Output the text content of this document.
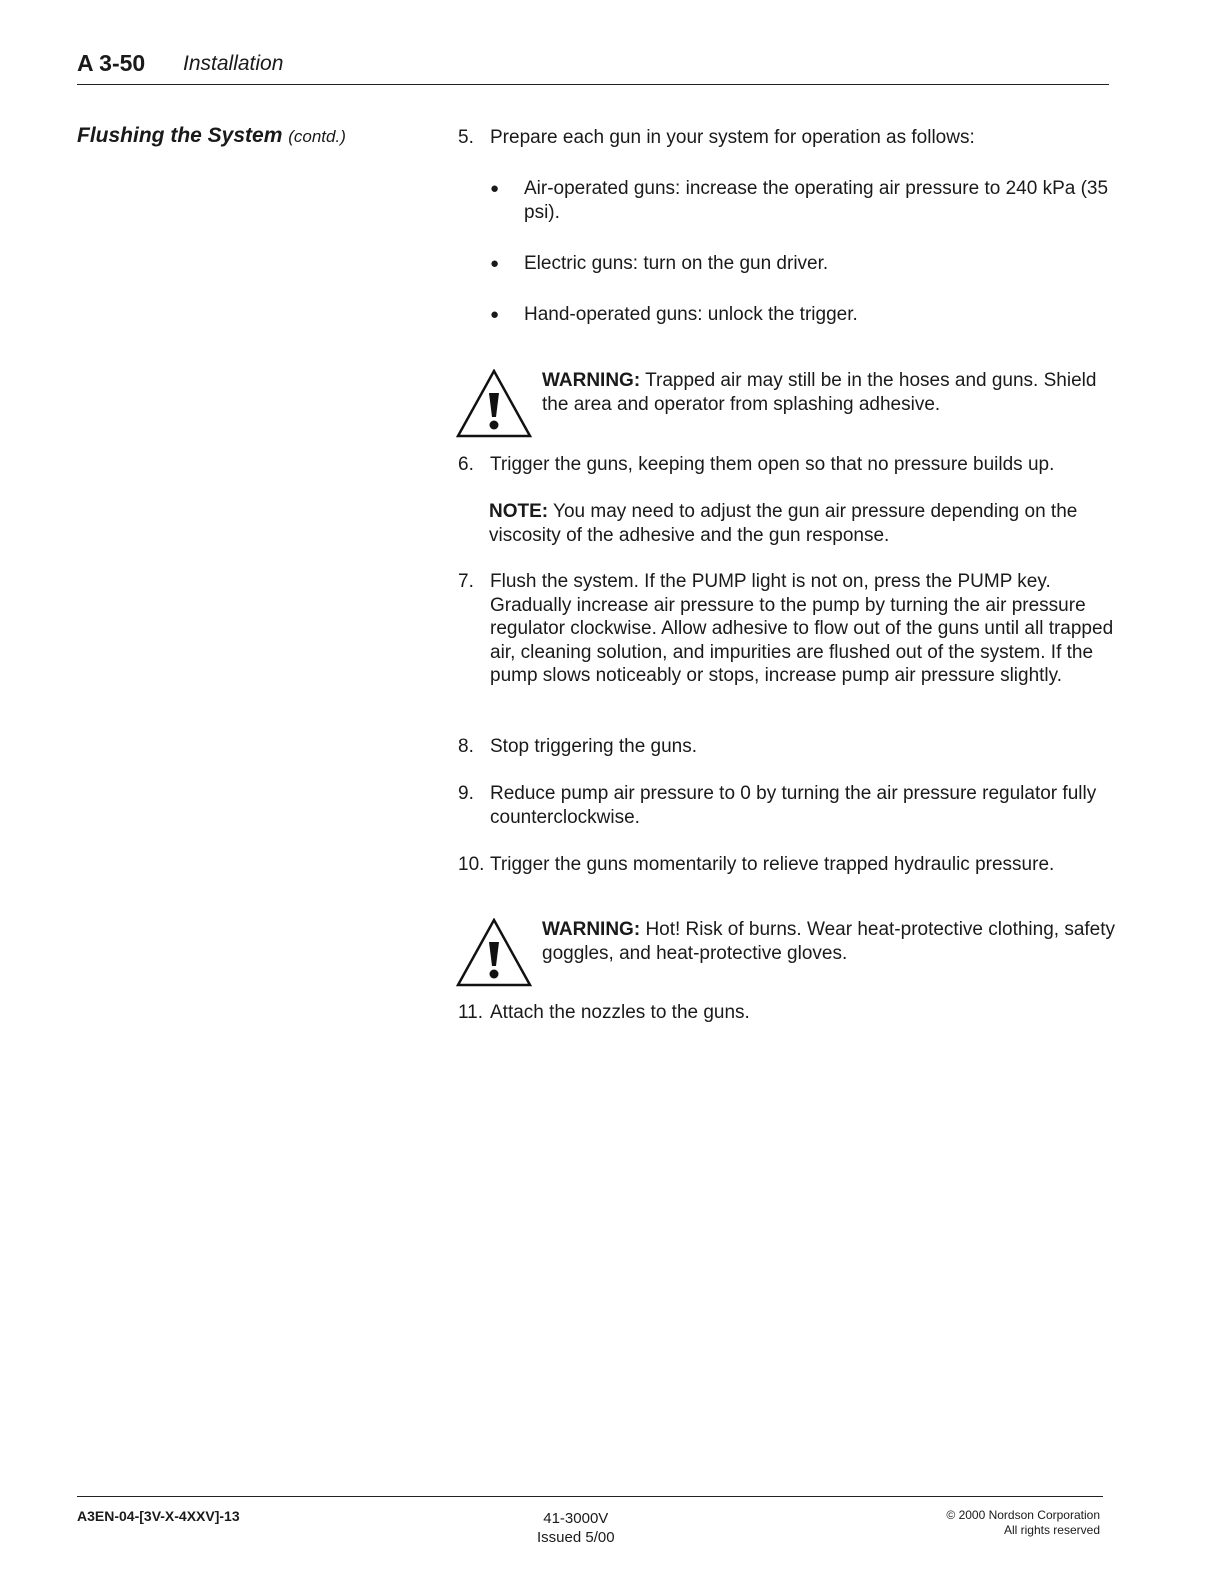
A 3-50 Installation
Flushing the System (contd.)	5. Prepare each gun in your system for operation as follows:
● Air-operated guns: increase the operating air pressure to 240 kPa (35 psi).
● Electric guns: turn on the gun driver.
● Hand-operated guns: unlock the trigger.
WARNING: Trapped air may still be in the hoses and guns. Shield the area and operator from splashing adhesive.
6. Trigger the guns, keeping them open so that no pressure builds up.
NOTE: You may need to adjust the gun air pressure depending on the viscosity of the adhesive and the gun response.
7. Flush the system. If the PUMP light is not on, press the PUMP key. Gradually increase air pressure to the pump by turning the air pressure regulator clockwise. Allow adhesive to flow out of the guns until all trapped air, cleaning solution, and impurities are flushed out of the system. If the pump slows noticeably or stops, increase pump air pressure slightly.
8. Stop triggering the guns.
9. Reduce pump air pressure to 0 by turning the air pressure regulator fully counterclockwise.
10. Trigger the guns momentarily to relieve trapped hydraulic pressure.
WARNING: Hot! Risk of burns. Wear heat-protective clothing, safety goggles, and heat-protective gloves.
11. Attach the nozzles to the guns.
A3EN-04-[3V-X-4XXV]-13	41-3000V
Issued 5/00
© 2000 Nordson Corporation
All rights reserved
